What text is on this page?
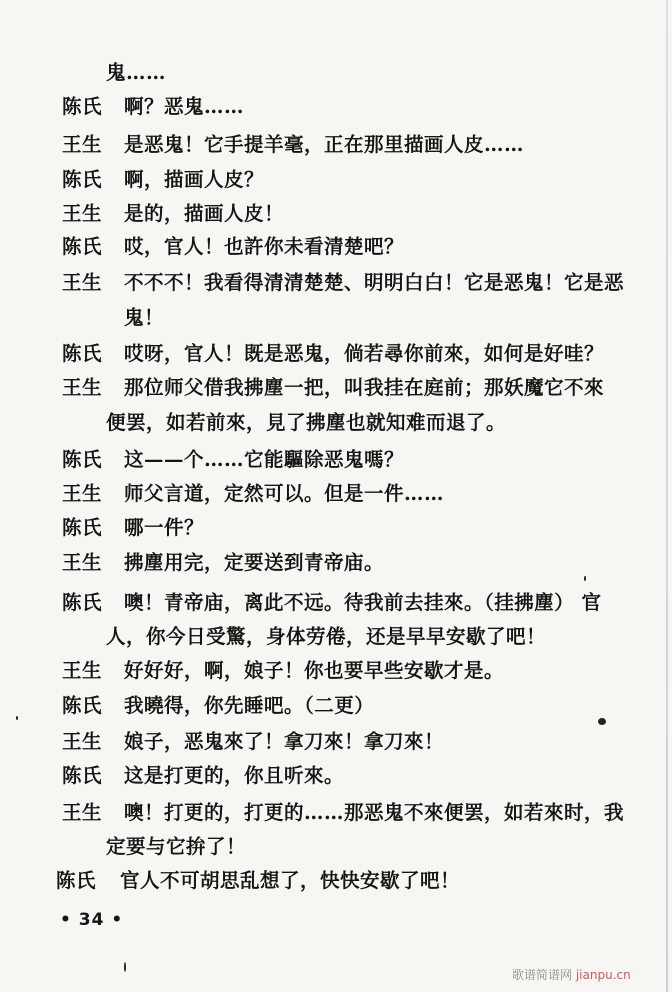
鬼……
陈氏 啊？恶鬼……
王生 是恶鬼！它手提羊毫，正在那里描画人皮……
陈氏 啊，描画人皮？
王生 是的，描画人皮！
陈氏 哎，官人！也許你未看清楚吧？
王生 不不不！我看得清清楚楚、明明白白！它是恶鬼！它是恶
鬼！
陈氏 哎呀，官人！既是恶鬼，倘若尋你前來，如何是好哇？
王生 那位师父借我拂塵一把，叫我挂在庭前；那妖魔它不來
便罢，如若前來，見了拂塵也就知难而退了。
陈氏 这——个……它能驅除恶鬼嗎？
王生 师父言道，定然可以。但是一件……
陈氏 哪一件？
王生 拂塵用完，定要送到青帝庙。
陈氏 噢！青帝庙，离此不远。待我前去挂來。（挂拂塵） 官
人，你今日受驚，身体劳倦，还是早早安歇了吧！
王生 好好好，啊，娘子！你也要早些安歇才是。
陈氏 我曉得，你先睡吧。（二更）
王生 娘子，恶鬼來了！拿刀來！拿刀來！
陈氏 这是打更的，你且听來。
王生 噢！打更的，打更的……那恶鬼不來便罢，如若來时，我
定要与它拚了！
陈氏 官人不可胡思乱想了，快快安歇了吧！
• 34 •
歌谱简谱网 jianpu.cn
